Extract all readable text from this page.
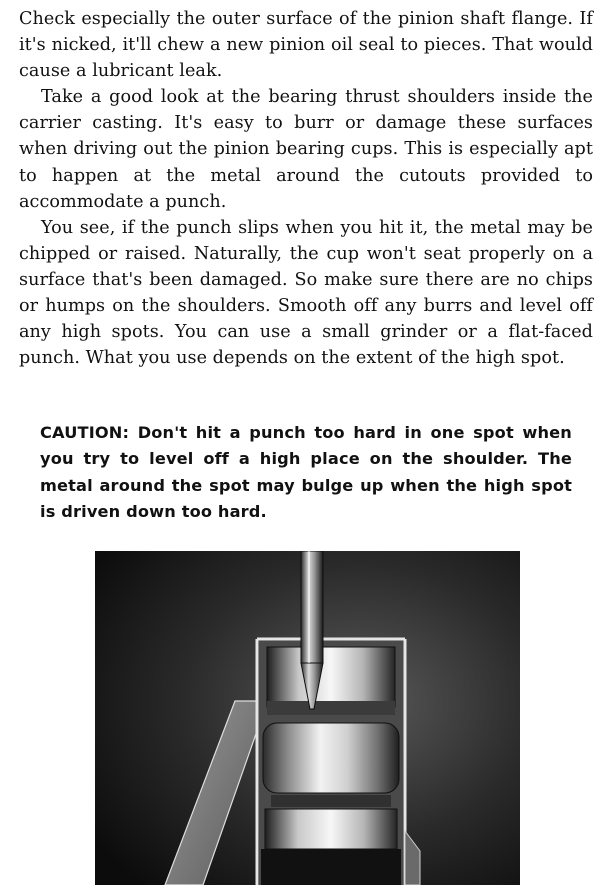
Check especially the outer surface of the pinion shaft flange. If it's nicked, it'll chew a new pinion oil seal to pieces. That would cause a lubricant leak.

Take a good look at the bearing thrust shoulders inside the carrier casting. It's easy to burr or damage these surfaces when driving out the pinion bearing cups. This is especially apt to happen at the metal around the cutouts provided to accommodate a punch.

You see, if the punch slips when you hit it, the metal may be chipped or raised. Naturally, the cup won't seat properly on a surface that's been damaged. So make sure there are no chips or humps on the shoulders. Smooth off any burrs and level off any high spots. You can use a small grinder or a flat-faced punch. What you use depends on the extent of the high spot.

CAUTION: Don't hit a punch too hard in one spot when you try to level off a high place on the shoulder. The metal around the spot may bulge up when the high spot is driven down too hard.
